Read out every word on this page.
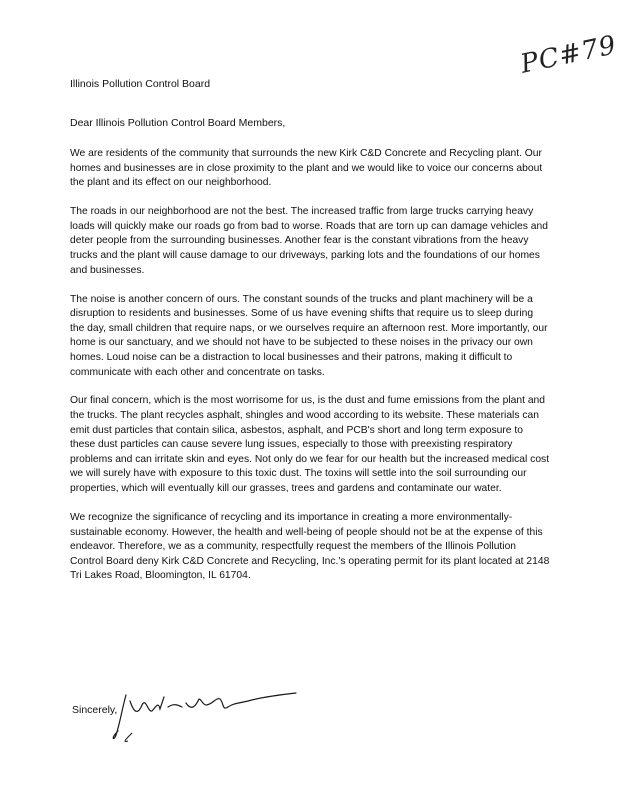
PC#79
Illinois Pollution Control Board
Dear Illinois Pollution Control Board Members,

We are residents of the community that surrounds the new Kirk C&D Concrete and Recycling plant. Our homes and businesses are in close proximity to the plant and we would like to voice our concerns about the plant and its effect on our neighborhood.

The roads in our neighborhood are not the best. The increased traffic from large trucks carrying heavy loads will quickly make our roads go from bad to worse. Roads that are torn up can damage vehicles and deter people from the surrounding businesses. Another fear is the constant vibrations from the heavy trucks and the plant will cause damage to our driveways, parking lots and the foundations of our homes and businesses.

The noise is another concern of ours. The constant sounds of the trucks and plant machinery will be a disruption to residents and businesses. Some of us have evening shifts that require us to sleep during the day, small children that require naps, or we ourselves require an afternoon rest. More importantly, our home is our sanctuary, and we should not have to be subjected to these noises in the privacy our own homes. Loud noise can be a distraction to local businesses and their patrons, making it difficult to communicate with each other and concentrate on tasks.

Our final concern, which is the most worrisome for us, is the dust and fume emissions from the plant and the trucks. The plant recycles asphalt, shingles and wood according to its website. These materials can emit dust particles that contain silica, asbestos, asphalt, and PCB's short and long term exposure to these dust particles can cause severe lung issues, especially to those with preexisting respiratory problems and can irritate skin and eyes. Not only do we fear for our health but the increased medical cost we will surely have with exposure to this toxic dust. The toxins will settle into the soil surrounding our properties, which will eventually kill our grasses, trees and gardens and contaminate our water.

We recognize the significance of recycling and its importance in creating a more environmentally-sustainable economy. However, the health and well-being of people should not be at the expense of this endeavor. Therefore, we as a community, respectfully request the members of the Illinois Pollution Control Board deny Kirk C&D Concrete and Recycling, Inc.'s operating permit for its plant located at 2148 Tri Lakes Road, Bloomington, IL 61704.

Sincerely,
